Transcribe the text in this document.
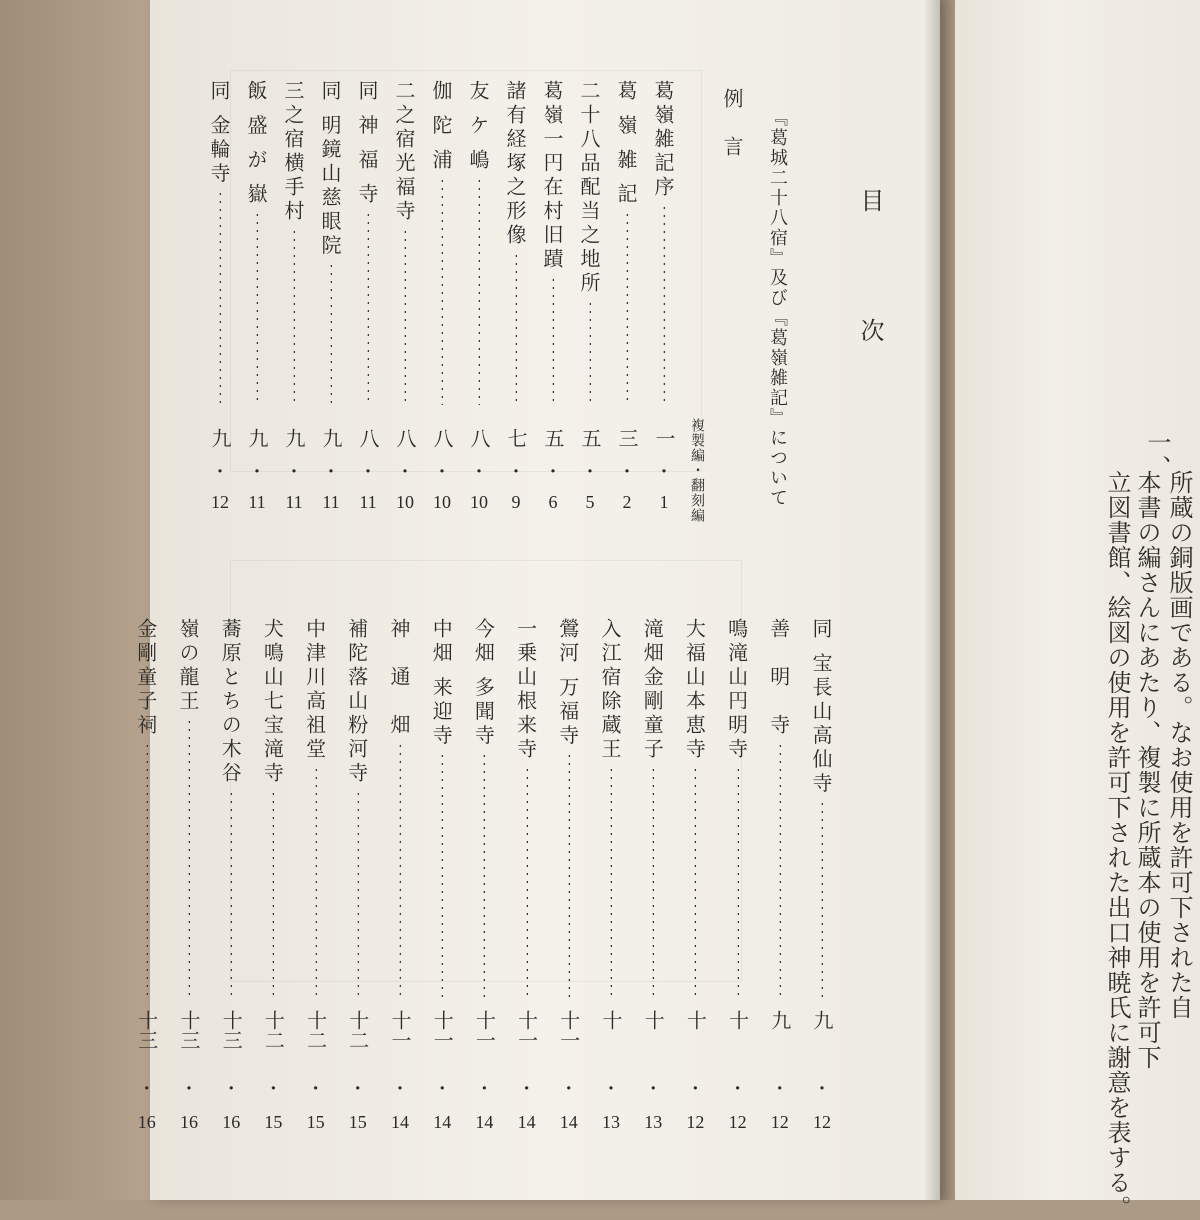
目
次
例　言 『葛城二十八宿』及び『葛嶺雑記』について
複製編・翻刻編
葛嶺雑記序
一
・
1
葛 嶺 雑 記
三
・
2
二十八品配当之地所
五
・
5
葛嶺一円在村旧蹟
五
・
6
諸有経塚之形像
七
・
9
友 ケ 嶋
八
・
10
伽 陀 浦
八
・
10
二之宿光福寺
八
・
10
同 神 福 寺
八
・
11
同 明鏡山慈眼院
九
・
11
三之宿横手村
九
・
11
飯 盛 が 嶽
九
・
11
同 金輪寺
九
・
12
同 宝長山高仙寺
九
・
12
善　明　寺
九
・
12
鳴滝山円明寺
十
・
12
大福山本恵寺
十
・
12
滝畑金剛童子
十
・
13
入江宿除蔵王
十
・
13
鶯河 万福寺
十一
・
14
一乗山根来寺
十一
・
14
今畑 多聞寺
十一
・
14
中畑 来迎寺
十一
・
14
神　通　畑
十一
・
14
補陀落山粉河寺
十二
・
15
中津川高祖堂
十二
・
15
犬鳴山七宝滝寺
十二
・
15
蕎原とちの木谷
十三
・
16
嶺の龍王
十三
・
16
金剛童子祠
十三
・
16
一、
所蔵の銅版画である。なお使用を許可下された自
本書の編さんにあたり、複製に所蔵本の使用を許可下
立図書館、絵図の使用を許可下された出口神暁氏に謝意を表する。
